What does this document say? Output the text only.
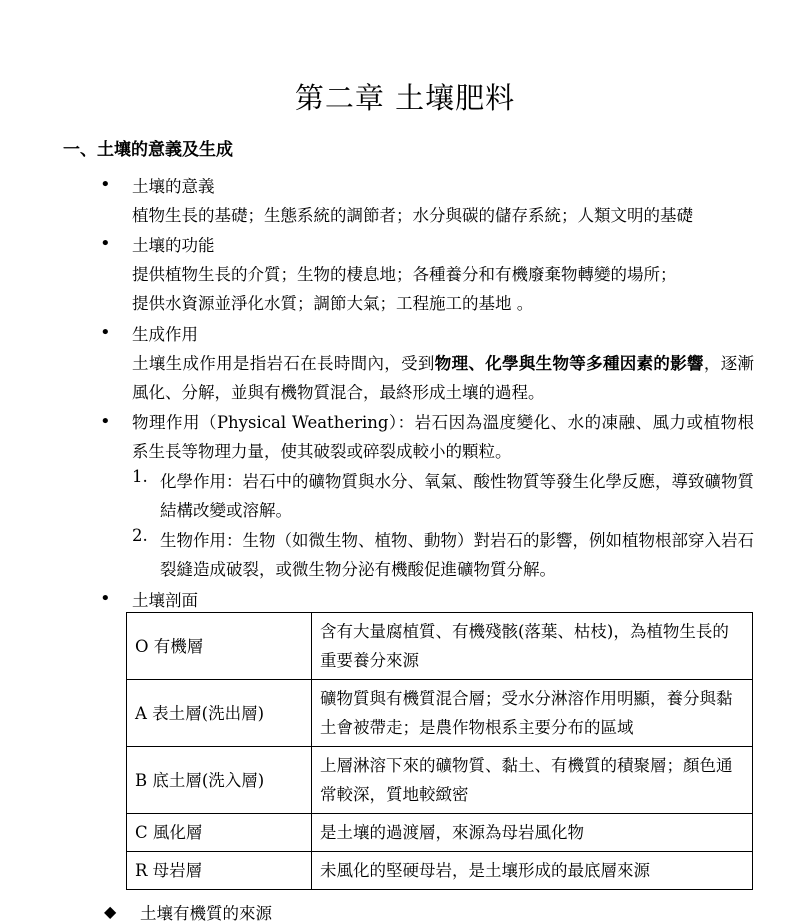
第二章 土壤肥料
一、土壤的意義及生成
• 土壤的意義
植物生長的基礎；生態系統的調節者；水分與碳的儲存系統；人類文明的基礎
• 土壤的功能
提供植物生長的介質；生物的棲息地；各種養分和有機廢棄物轉變的場所；
提供水資源並淨化水質；調節大氣；工程施工的基地 。
• 生成作用
土壤生成作用是指岩石在長時間內，受到物理、化學與生物等多種因素的影響，逐漸風化、分解，並與有機物質混合，最終形成土壤的過程。
• 物理作用（Physical Weathering）：岩石因為溫度變化、水的凍融、風力或植物根系生長等物理力量，使其破裂或碎裂成較小的顆粒。
1. 化學作用：岩石中的礦物質與水分、氧氣、酸性物質等發生化學反應，導致礦物質結構改變或溶解。
2. 生物作用：生物（如微生物、植物、動物）對岩石的影響，例如植物根部穿入岩石裂縫造成破裂，或微生物分泌有機酸促進礦物質分解。
• 土壤剖面
O 有機層	含有大量腐植質、有機殘骸(落葉、枯枝)，為植物生長的重要養分來源
A 表土層(洗出層)	礦物質與有機質混合層；受水分淋溶作用明顯，養分與黏土會被帶走；是農作物根系主要分布的區域
B 底土層(洗入層)	上層淋溶下來的礦物質、黏土、有機質的積聚層；顏色通常較深，質地較緻密
C 風化層	是土壤的過渡層，來源為母岩風化物
R 母岩層	未風化的堅硬母岩，是土壤形成的最底層來源
◆ 土壤有機質的來源
